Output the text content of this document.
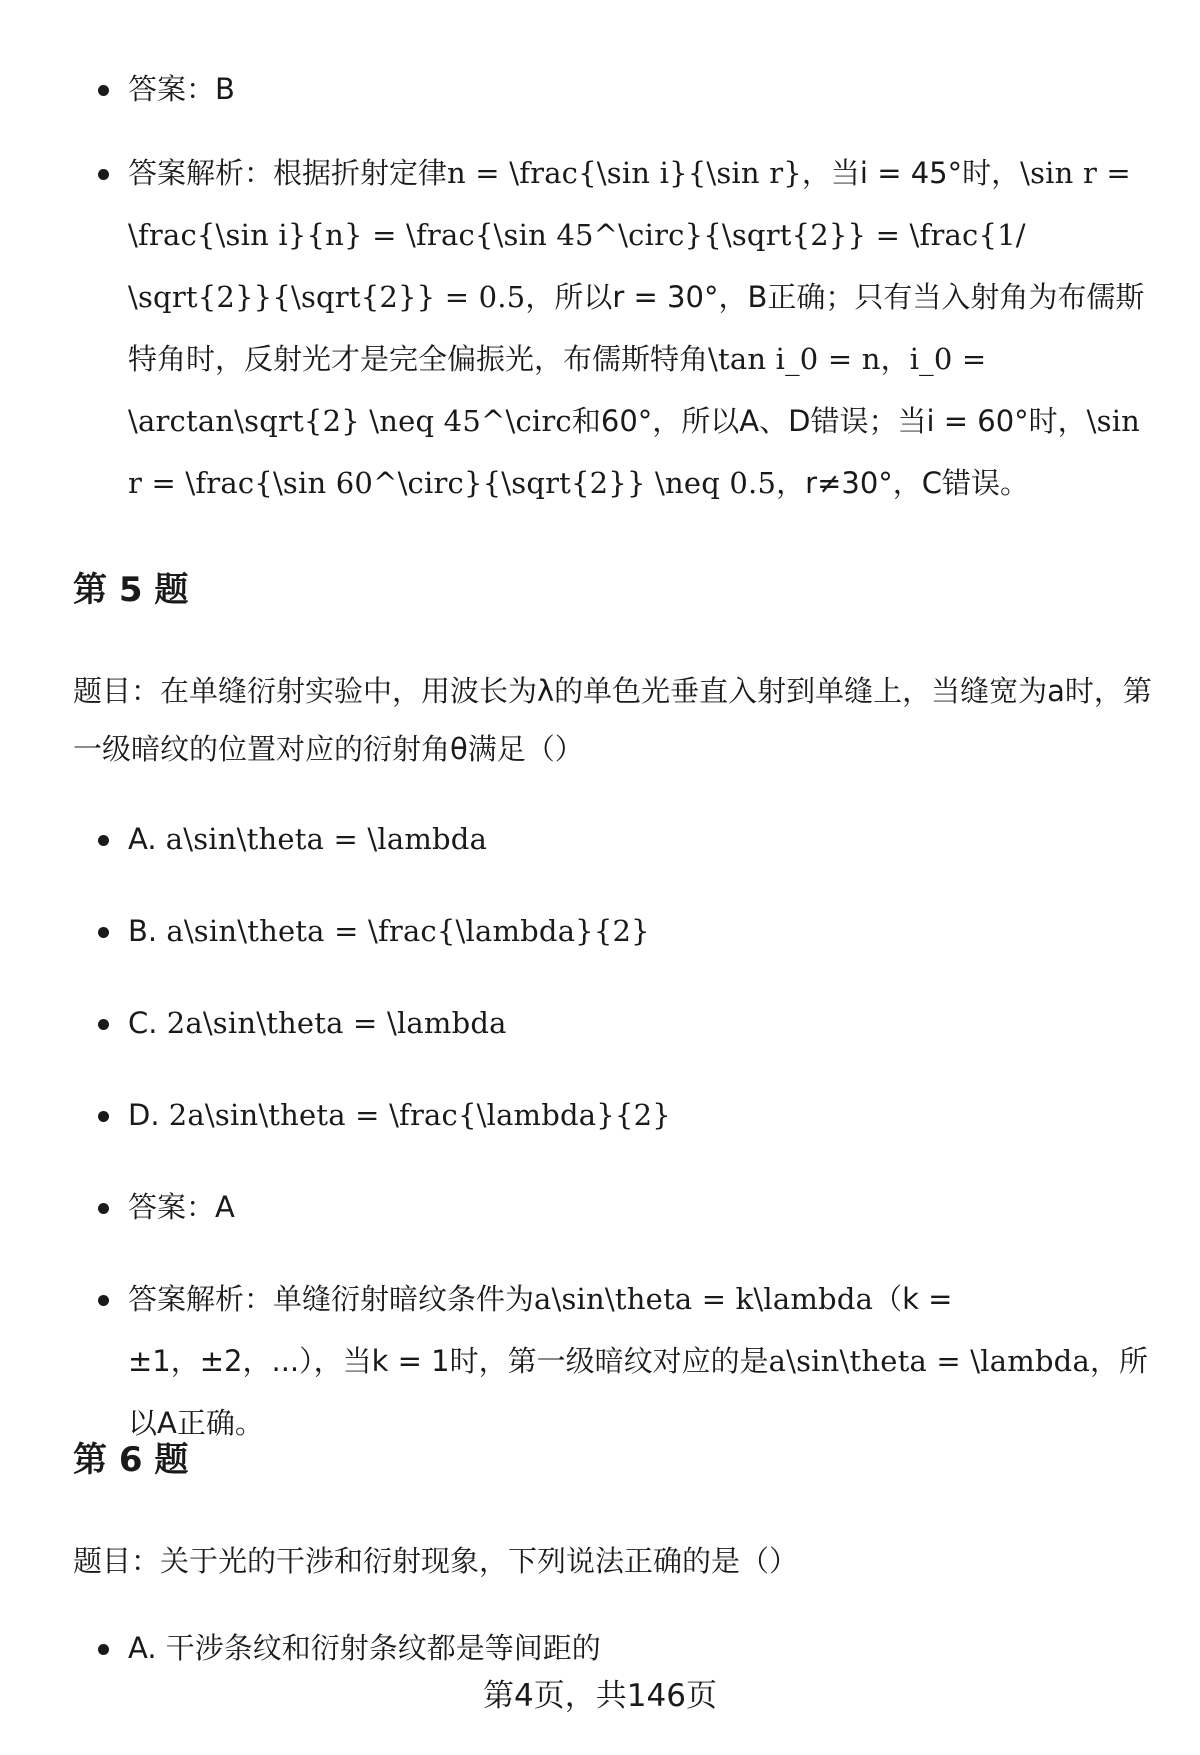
答案：B
答案解析：根据折射定律n = \frac{\sin i}{\sin r}，当i = 45°时，\sin r = \frac{\sin i}{n} = \frac{\sin 45^\circ}{\sqrt{2}} = \frac{1/ \sqrt{2}}{\sqrt{2}} = 0.5，所以r = 30°，B正确；只有当入射角为布儒斯特角时，反射光才是完全偏振光，布儒斯特角\tan i_0 = n，i_0 = \arctan\sqrt{2} \neq 45^\circ和60°，所以A、D错误；当i = 60°时，\sin r = \frac{\sin 60^\circ}{\sqrt{2}} \neq 0.5，r≠30°，C错误。
第 5 题
题目：在单缝衍射实验中，用波长为λ的单色光垂直入射到单缝上，当缝宽为a时，第一级暗纹的位置对应的衍射角θ满足（）
A. a\sin\theta = \lambda
B. a\sin\theta = \frac{\lambda}{2}
C. 2a\sin\theta = \lambda
D. 2a\sin\theta = \frac{\lambda}{2}
答案：A
答案解析：单缝衍射暗纹条件为a\sin\theta = k\lambda（k = ±1，±2，...），当k = 1时，第一级暗纹对应的是a\sin\theta = \lambda，所以A正确。
第 6 题
题目：关于光的干涉和衍射现象，下列说法正确的是（）
A. 干涉条纹和衍射条纹都是等间距的
第4页，共146页
